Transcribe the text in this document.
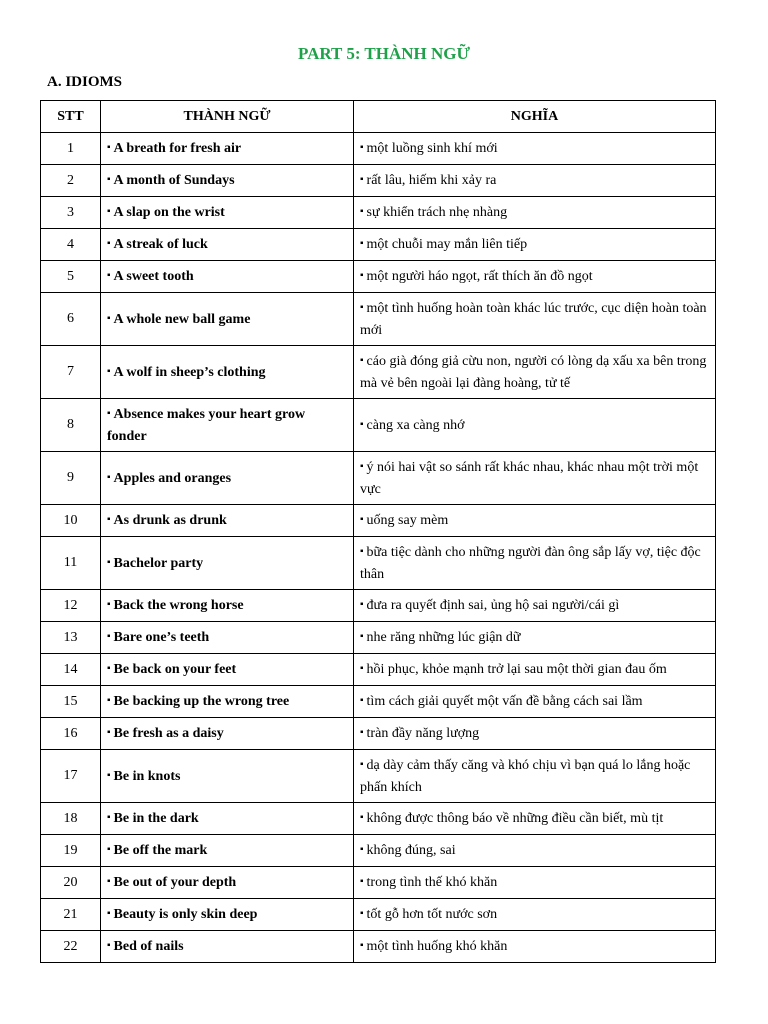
PART 5: THÀNH NGỮ
A. IDIOMS
STT	THÀNH NGỮ	NGHĨA
1	▪ A breath for fresh air	▪ một luồng sinh khí mới
2	▪ A month of Sundays	▪ rất lâu, hiếm khi xảy ra
3	▪ A slap on the wrist	▪ sự khiển trách nhẹ nhàng
4	▪ A streak of luck	▪ một chuỗi may mắn liên tiếp
5	▪ A sweet tooth	▪ một người háo ngọt, rất thích ăn đồ ngọt
6	▪ A whole new ball game	▪ một tình huống hoàn toàn khác lúc trước, cục diện hoàn toàn mới
7	▪ A wolf in sheep’s clothing	▪ cáo già đóng giả cừu non, người có lòng dạ xấu xa bên trong mà vẻ bên ngoài lại đàng hoàng, tử tế
8	▪ Absence makes your heart grow fonder	▪ càng xa càng nhớ
9	▪ Apples and oranges	▪ ý nói hai vật so sánh rất khác nhau, khác nhau một trời một vực
10	▪ As drunk as drunk	▪ uống say mèm
11	▪ Bachelor party	▪ bữa tiệc dành cho những người đàn ông sắp lấy vợ, tiệc độc thân
12	▪ Back the wrong horse	▪ đưa ra quyết định sai, ủng hộ sai người/cái gì
13	▪ Bare one’s teeth	▪ nhe răng những lúc giận dữ
14	▪ Be back on your feet	▪ hồi phục, khỏe mạnh trở lại sau một thời gian đau ốm
15	▪ Be backing up the wrong tree	▪ tìm cách giải quyết một vấn đề bằng cách sai lầm
16	▪ Be fresh as a daisy	▪ tràn đầy năng lượng
17	▪ Be in knots	▪ dạ dày cảm thấy căng và khó chịu vì bạn quá lo lắng hoặc phấn khích
18	▪ Be in the dark	▪ không được thông báo về những điều cần biết, mù tịt
19	▪ Be off the mark	▪ không đúng, sai
20	▪ Be out of your depth	▪ trong tình thế khó khăn
21	▪ Beauty is only skin deep	▪ tốt gỗ hơn tốt nước sơn
22	▪ Bed of nails	▪ một tình huống khó khăn
